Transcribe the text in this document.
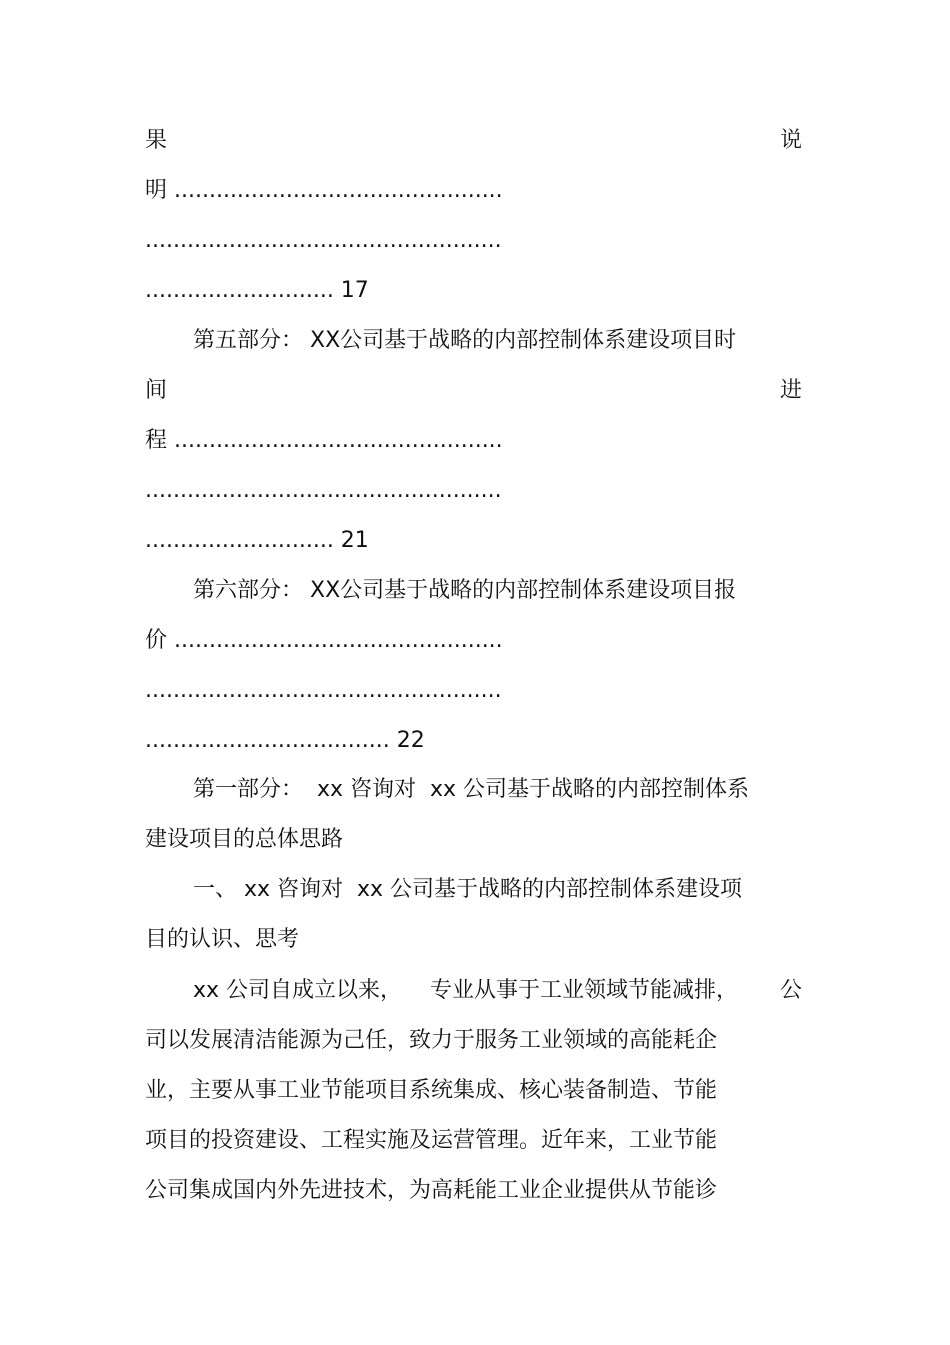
果	说
明 ...............................................
...................................................
........................... 17
第五部分： XX公司基于战略的内部控制体系建设项目时
间	进
程 ...............................................
...................................................
........................... 21
第六部分： XX公司基于战略的内部控制体系建设项目报
价 ...............................................
...................................................
................................... 22
第一部分：  xx 咨询对  xx 公司基于战略的内部控制体系
建设项目的总体思路
一、 xx 咨询对  xx 公司基于战略的内部控制体系建设项
目的认识、思考
xx 公司自成立以来，    专业从事于工业领域节能减排，      公
司以发展清洁能源为己任，致力于服务工业领域的高能耗企
业，主要从事工业节能项目系统集成、核心装备制造、节能
项目的投资建设、工程实施及运营管理。近年来，工业节能
公司集成国内外先进技术，为高耗能工业企业提供从节能诊
